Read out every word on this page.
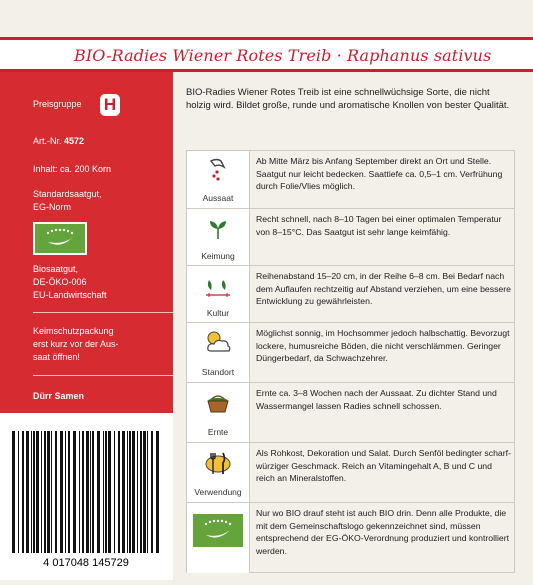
BIO-Radies Wiener Rotes Treib · Raphanus sativus
Preisgruppe H
Art.-Nr. 4572
Inhalt: ca. 200 Korn
Standardsaatgut,
EG-Norm
Biosaatgut,
DE-ÖKO-006
EU-Landwirtschaft
Keimschutzpackung
erst kurz vor der Aus-
saat öffnen!
Dürr Samen
4 017048 145729
BIO-Radies Wiener Rotes Treib ist eine schnellwüchsige Sorte, die nicht holzig wird. Bildet große, runde und aromatische Knollen von bester Qualität.
Aussaat
Ab Mitte März bis Anfang September direkt an Ort und Stelle. Saatgut nur leicht bedecken. Saattiefe ca. 0,5–1 cm. Verfrühung durch Folie/Vlies möglich.
Keimung
Recht schnell, nach 8–10 Tagen bei einer optimalen Temperatur von 8–15°C. Das Saatgut ist sehr lange keimfähig.
Kultur
Reihenabstand 15–20 cm, in der Reihe 6–8 cm. Bei Bedarf nach dem Auflaufen rechtzeitig auf Abstand verziehen, um eine bessere Entwicklung zu gewährleisten.
Standort
Möglichst sonnig, im Hochsommer jedoch halbschattig. Bevorzugt lockere, humusreiche Böden, die nicht verschlämmen. Geringer Düngerbedarf, da Schwachzehrer.
Ernte
Ernte ca. 3–8 Wochen nach der Aussaat. Zu dichter Stand und Wassermangel lassen Radies schnell schossen.
Verwendung
Als Rohkost, Dekoration und Salat. Durch Senföl bedingter scharf-würziger Geschmack. Reich an Vitamingehalt A, B und C und reich an Mineralstoffen.
Nur wo BIO drauf steht ist auch BIO drin. Denn alle Produkte, die mit dem Gemeinschaftslogo gekennzeichnet sind, müssen entsprechend der EG-ÖKO-Verordnung produziert und kontrolliert werden.
